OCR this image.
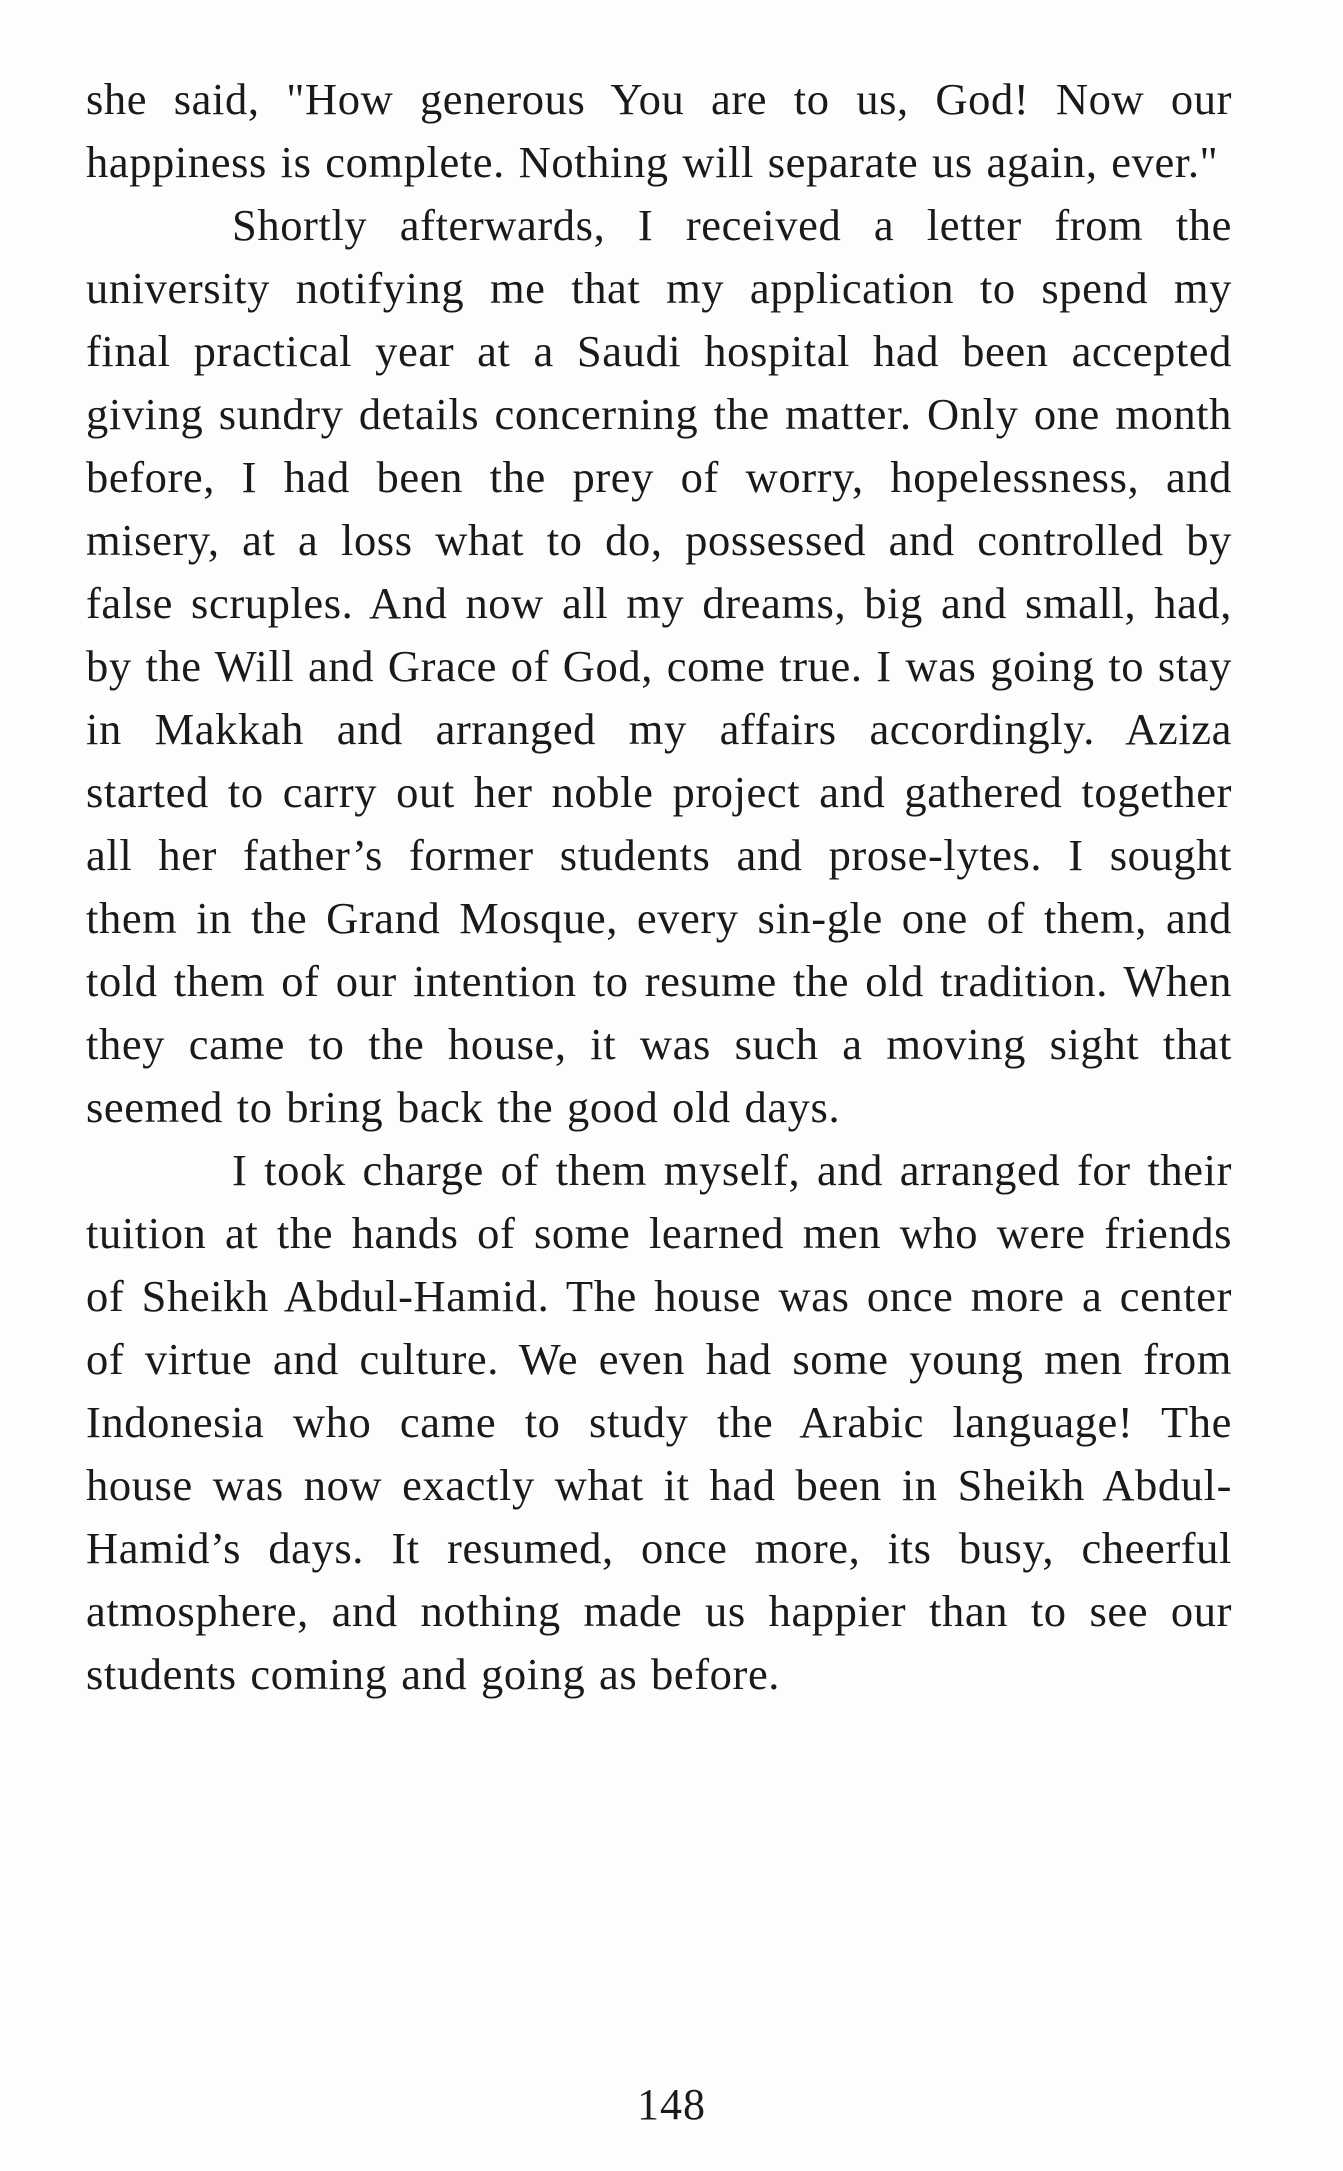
she said, "How generous You are to us, God! Now our happiness is complete. Nothing will separate us again, ever."

Shortly afterwards, I received a letter from the university notifying me that my application to spend my final practical year at a Saudi hospital had been accepted giving sundry details concerning the matter. Only one month before, I had been the prey of worry, hopelessness, and misery, at a loss what to do, possessed and controlled by false scruples. And now all my dreams, big and small, had, by the Will and Grace of God, come true. I was going to stay in Makkah and arranged my affairs accordingly. Aziza started to carry out her noble project and gathered together all her father’s former students and prose-lytes. I sought them in the Grand Mosque, every sin-gle one of them, and told them of our intention to resume the old tradition. When they came to the house, it was such a moving sight that seemed to bring back the good old days.

I took charge of them myself, and arranged for their tuition at the hands of some learned men who were friends of Sheikh Abdul-Hamid. The house was once more a center of virtue and culture. We even had some young men from Indonesia who came to study the Arabic language! The house was now exactly what it had been in Sheikh Abdul-Hamid’s days. It resumed, once more, its busy, cheerful atmosphere, and nothing made us happier than to see our students coming and going as before.

148
